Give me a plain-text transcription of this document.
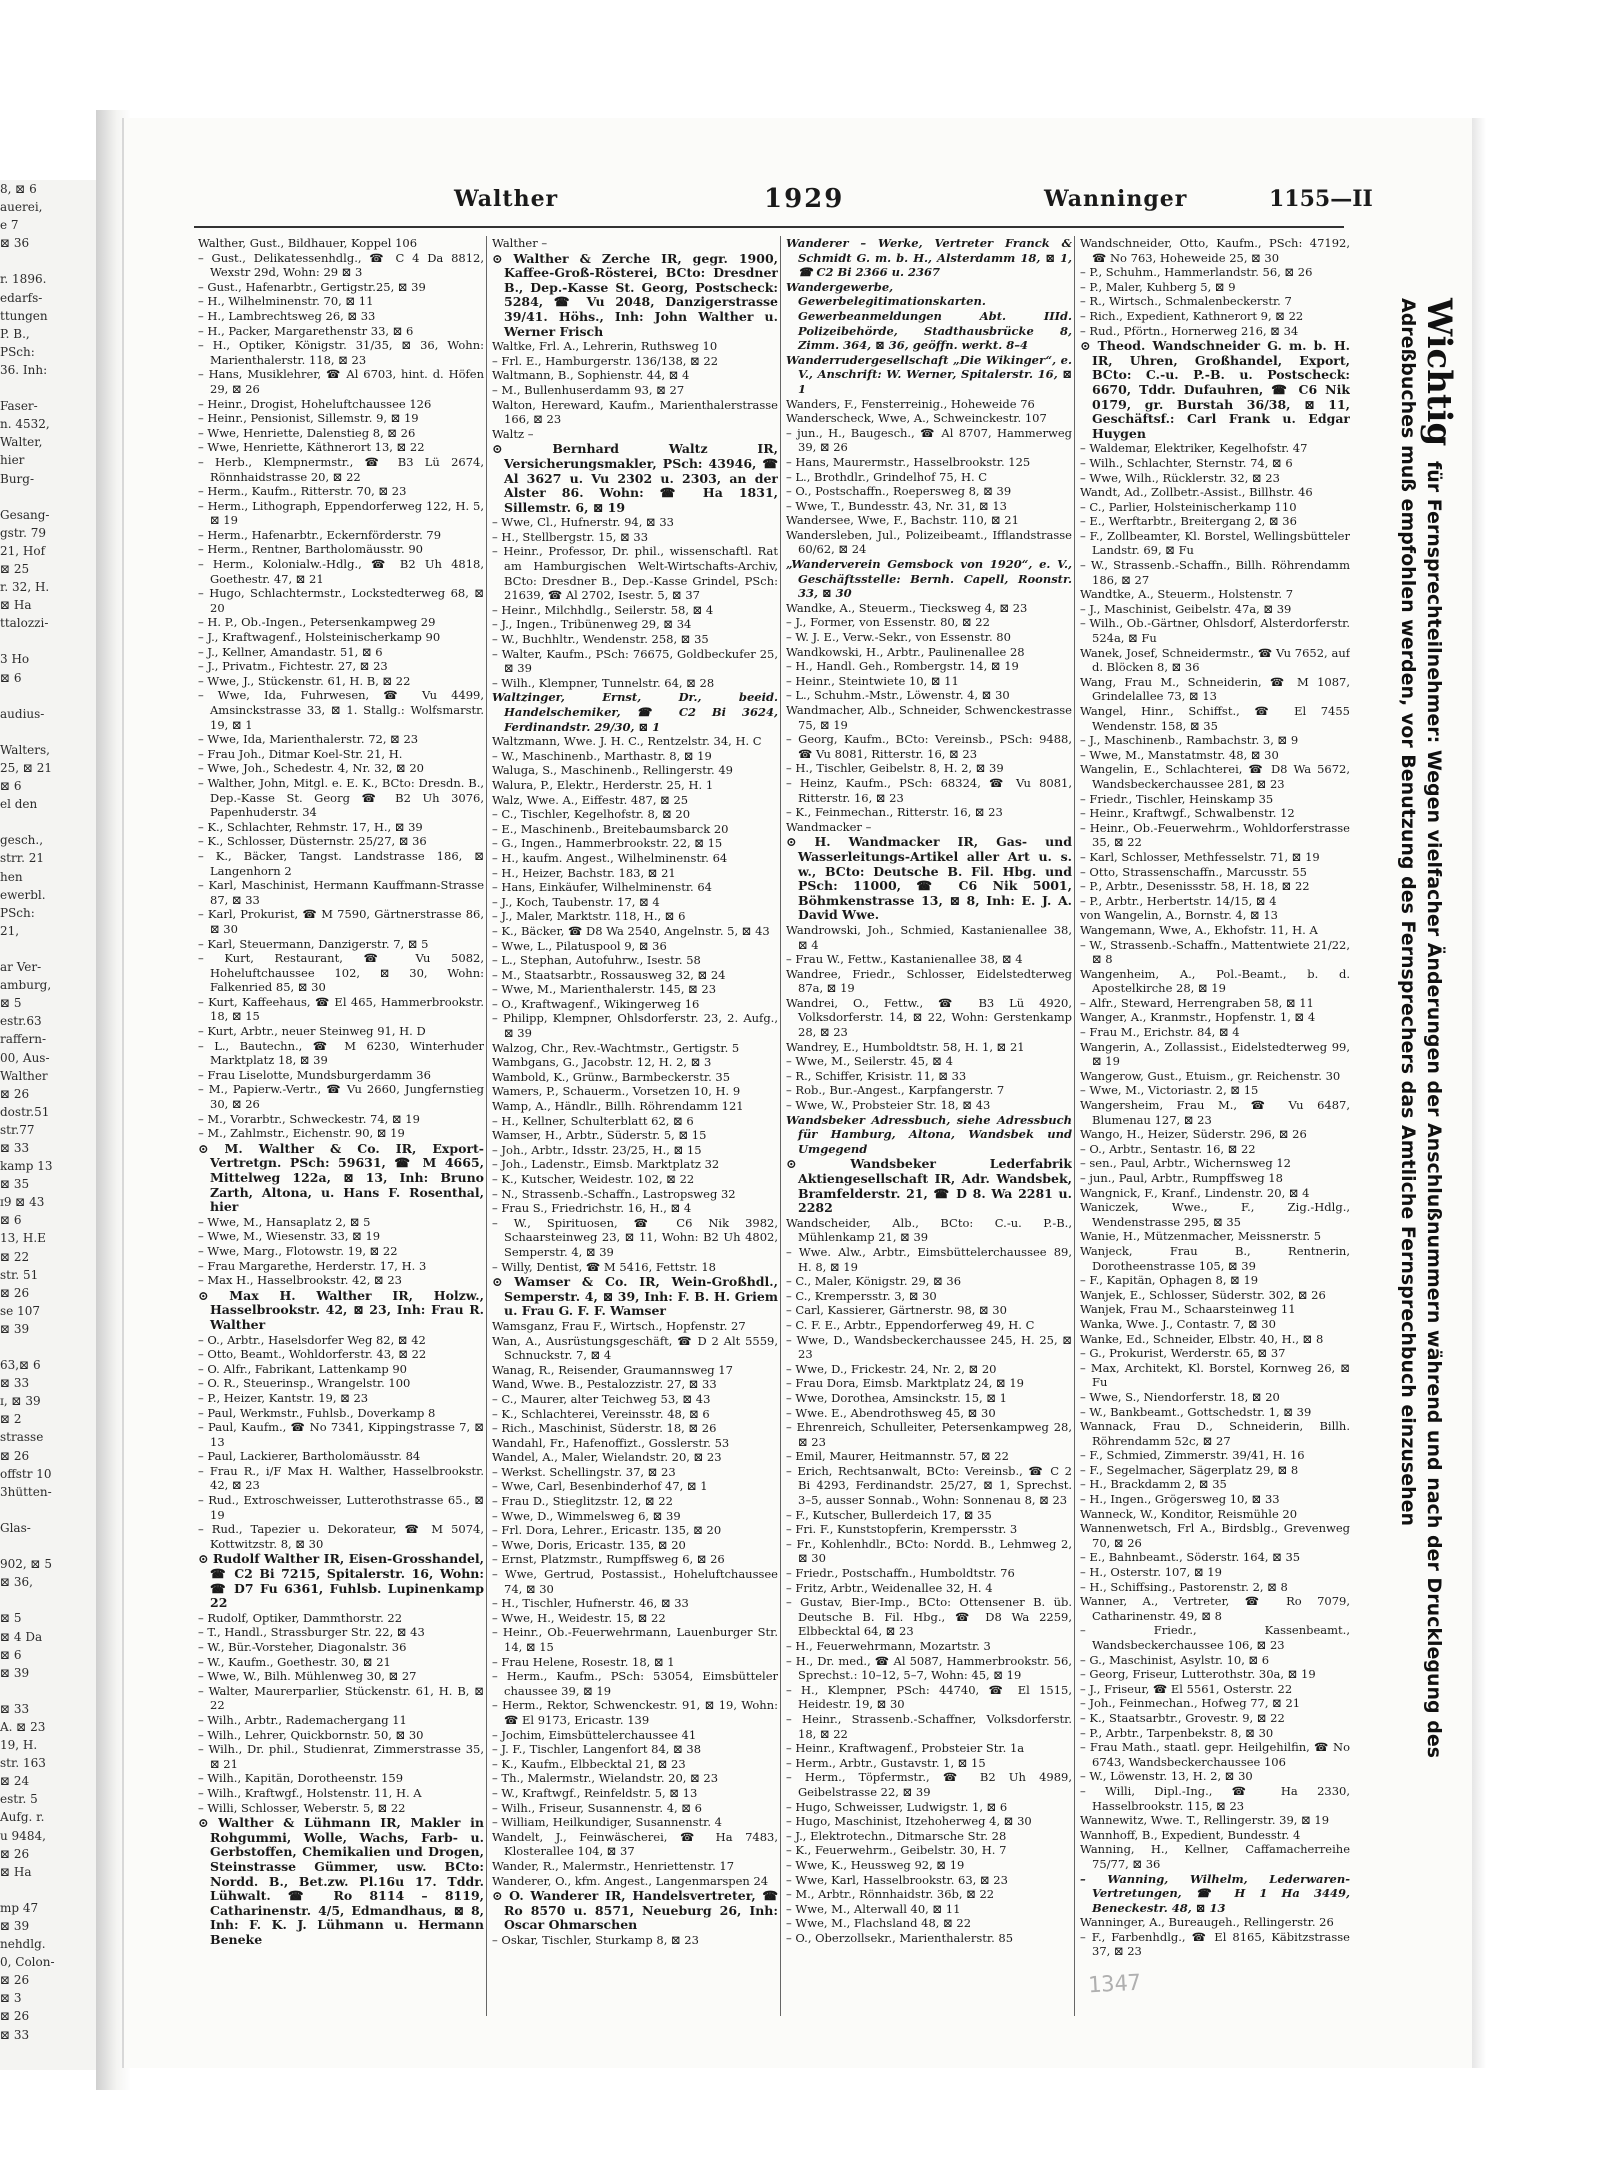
8, ⊠ 6
auerei,
e 7
⊠ 36

r. 1896.
edarfs-
ttungen
P. B.,
PSch:
36. Inh:

Faser-
n. 4532,
Walter,
hier
Burg-

Gesang-
gstr. 79
21, Hof
⊠ 25
r. 32, H.
⊠ Ha
ttalozzi-

3 Ho
⊠ 6

audius-

Walters,
25, ⊠ 21
⊠ 6
el den

gesch.,
strr. 21
hen
ewerbl.
PSch:
21,

ar Ver-
amburg,
⊠ 5
estr.63
raffern-
00, Aus-
Walther
⊠ 26
dostr.51
str.77
⊠ 33
kamp 13
⊠ 35
ɪ9 ⊠ 43
⊠ 6
13, H.E
⊠ 22
str. 51
⊠ 26
se 107
⊠ 39

63,⊠ 6
⊠ 33
ɪ, ⊠ 39
⊠ 2
strasse
⊠ 26
offstr 10
3hütten-

Glas-

902, ⊠ 5
⊠ 36,

⊠ 5
⊠ 4 Da
⊠ 6
⊠ 39

⊠ 33
A. ⊠ 23
19, H.
str. 163
⊠ 24
estr. 5
Aufg. r.
u 9484,
⊠ 26
⊠ Ha

mp 47
⊠ 39
nehdlg.
0, Colon-
⊠ 26
⊠ 3
⊠ 26
⊠ 33
Walther	1929	Wanninger	1155—II
Walther, Gust., Bildhauer, Koppel 106
– Gust., Delikatessenhdlg., ☎ C 4 Da 8812, Wexstr 29d, Wohn: 29 ⊠ 3
– Gust., Hafenarbtr., Gertigstr.25, ⊠ 39
– H., Wilhelminenstr. 70, ⊠ 11
– H., Lambrechtsweg 26, ⊠ 33
– H., Packer, Margarethenstr 33, ⊠ 6
– H., Optiker, Königstr. 31/35, ⊠ 36, Wohn: Marienthalerstr. 118, ⊠ 23
– Hans, Musiklehrer, ☎ Al 6703, hint. d. Höfen 29, ⊠ 26
– Heinr., Drogist, Hoheluftchaussee 126
– Heinr., Pensionist, Sillemstr. 9, ⊠ 19
– Wwe, Henriette, Dalenstieg 8, ⊠ 26
– Wwe, Henriette, Käthnerort 13, ⊠ 22
– Herb., Klempnermstr., ☎ B3 Lü 2674, Rönnhaidstrasse 20, ⊠ 22
– Herm., Kaufm., Ritterstr. 70, ⊠ 23
– Herm., Lithograph, Eppendorferweg 122, H. 5, ⊠ 19
– Herm., Hafenarbtr., Eckernförderstr. 79
– Herm., Rentner, Bartholomäusstr. 90
– Herm., Kolonialw.-Hdlg., ☎ B2 Uh 4818, Goethestr. 47, ⊠ 21
– Hugo, Schlachtermstr., Lockstedterweg 68, ⊠ 20
– H. P., Ob.-Ingen., Petersenkampweg 29
– J., Kraftwagenf., Holsteinischerkamp 90
– J., Kellner, Amandastr. 51, ⊠ 6
– J., Privatm., Fichtestr. 27, ⊠ 23
– Wwe, J., Stückenstr. 61, H. B, ⊠ 22
– Wwe, Ida, Fuhrwesen, ☎ Vu 4499, Amsinckstrasse 33, ⊠ 1. Stallg.: Wolfsmarstr. 19, ⊠ 1
– Wwe, Ida, Marienthalerstr. 72, ⊠ 23
– Frau Joh., Ditmar Koel-Str. 21, H.
– Wwe, Joh., Schedestr. 4, Nr. 32, ⊠ 20
– Walther, John, Mitgl. e. E. K., BCto: Dresdn. B., Dep.-Kasse St. Georg ☎ B2 Uh 3076, Papenhuderstr. 34
– K., Schlachter, Rehmstr. 17, H., ⊠ 39
– K., Schlosser, Düsternstr. 25/27, ⊠ 36
– K., Bäcker, Tangst. Landstrasse 186, ⊠ Langenhorn 2
– Karl, Maschinist, Hermann Kauffmann-Strasse 87, ⊠ 33
– Karl, Prokurist, ☎ M 7590, Gärtnerstrasse 86, ⊠ 30
– Karl, Steuermann, Danzigerstr. 7, ⊠ 5
– Kurt, Restaurant, ☎ Vu 5082, Hoheluftchaussee 102, ⊠ 30, Wohn: Falkenried 85, ⊠ 30
– Kurt, Kaffeehaus, ☎ El 465, Hammerbrookstr. 18, ⊠ 15
– Kurt, Arbtr., neuer Steinweg 91, H. D
– L., Bautechn., ☎ M 6230, Winterhuder Marktplatz 18, ⊠ 39
– Frau Liselotte, Mundsburgerdamm 36
– M., Papierw.-Vertr., ☎ Vu 2660, Jungfernstieg 30, ⊠ 26
– M., Vorarbtr., Schweckestr. 74, ⊠ 19
– M., Zahlmstr., Eichenstr. 90, ⊠ 19
⊙ M. Walther & Co. IR, Export-Vertretgn. PSch: 59631, ☎ M 4665, Mittelweg 122a, ⊠ 13, Inh: Bruno Zarth, Altona, u. Hans F. Rosenthal, hier
– Wwe, M., Hansaplatz 2, ⊠ 5
– Wwe, M., Wiesenstr. 33, ⊠ 19
– Wwe, Marg., Flotowstr. 19, ⊠ 22
– Frau Margarethe, Herderstr. 17, H. 3
– Max H., Hasselbrookstr. 42, ⊠ 23
⊙ Max H. Walther IR, Holzw., Hasselbrookstr. 42, ⊠ 23, Inh: Frau R. Walther
– O., Arbtr., Haselsdorfer Weg 82, ⊠ 42
– Otto, Beamt., Wohldorferstr. 43, ⊠ 22
– O. Alfr., Fabrikant, Lattenkamp 90
– O. R., Steuerinsp., Wrangelstr. 100
– P., Heizer, Kantstr. 19, ⊠ 23
– Paul, Werkmstr., Fuhlsb., Doverkamp 8
– Paul, Kaufm., ☎ No 7341, Kippingstrasse 7, ⊠ 13
– Paul, Lackierer, Bartholomäusstr. 84
– Frau R., i/F Max H. Walther, Hasselbrookstr. 42, ⊠ 23
– Rud., Extroschweisser, Lutterothstrasse 65., ⊠ 19
– Rud., Tapezier u. Dekorateur, ☎ M 5074, Kottwitzstr. 8, ⊠ 30
⊙ Rudolf Walther IR, Eisen-Grosshandel, ☎ C2 Bi 7215, Spitalerstr. 16, Wohn: ☎ D7 Fu 6361, Fuhlsb. Lupinenkamp 22
– Rudolf, Optiker, Dammthorstr. 22
– T., Handl., Strassburger Str. 22, ⊠ 43
– W., Bür.-Vorsteher, Diagonalstr. 36
– W., Kaufm., Goethestr. 30, ⊠ 21
– Wwe, W., Bilh. Mühlenweg 30, ⊠ 27
– Walter, Maurerparlier, Stückenstr. 61, H. B, ⊠ 22
– Wilh., Arbtr., Rademachergang 11
– Wilh., Lehrer, Quickbornstr. 50, ⊠ 30
– Wilh., Dr. phil., Studienrat, Zimmerstrasse 35, ⊠ 21
– Wilh., Kapitän, Dorotheenstr. 159
– Wilh., Kraftwgf., Holstenstr. 11, H. A
– Willi, Schlosser, Weberstr. 5, ⊠ 22
⊙ Walther & Lühmann IR, Makler in Rohgummi, Wolle, Wachs, Farb- u. Gerbstoffen, Chemikalien und Drogen, Steinstrasse Gümmer, usw. BCto: Nordd. B., Bet.zw. Pl.16u 17. Tddr. Lühwalt. ☎ Ro 8114 – 8119, Catharinenstr. 4/5, Edmandhaus, ⊠ 8, Inh: F. K. J. Lühmann u. Hermann Beneke
Walther –
⊙ Walther & Zerche IR, gegr. 1900, Kaffee-Groß-Rösterei, BCto: Dresdner B., Dep.-Kasse St. Georg, Postscheck: 5284, ☎ Vu 2048, Danzigerstrasse 39/41. Höhs., Inh: John Walther u. Werner Frisch
Waltke, Frl. A., Lehrerin, Ruthsweg 10
– Frl. E., Hamburgerstr. 136/138, ⊠ 22
Waltmann, B., Sophienstr. 44, ⊠ 4
– M., Bullenhuserdamm 93, ⊠ 27
Walton, Hereward, Kaufm., Marienthalerstrasse 166, ⊠ 23
Waltz –
⊙ Bernhard Waltz IR, Versicherungsmakler, PSch: 43946, ☎ Al 3627 u. Vu 2302 u. 2303, an der Alster 86. Wohn: ☎ Ha 1831, Sillemstr. 6, ⊠ 19
– Wwe, Cl., Hufnerstr. 94, ⊠ 33
– H., Stellbergstr. 15, ⊠ 33
– Heinr., Professor, Dr. phil., wissenschaftl. Rat am Hamburgischen Welt-Wirtschafts-Archiv, BCto: Dresdner B., Dep.-Kasse Grindel, PSch: 21639, ☎ Al 2702, Isestr. 5, ⊠ 37
– Heinr., Milchhdlg., Seilerstr. 58, ⊠ 4
– J., Ingen., Tribünenweg 29, ⊠ 34
– W., Buchhltr., Wendenstr. 258, ⊠ 35
– Walter, Kaufm., PSch: 76675, Goldbeckufer 25, ⊠ 39
– Wilh., Klempner, Tunnelstr. 64, ⊠ 28
Waltzinger, Ernst, Dr., beeid. Handelschemiker, ☎ C2 Bi 3624, Ferdinandstr. 29/30, ⊠ 1
Waltzmann, Wwe. J. H. C., Rentzelstr. 34, H. C
– W., Maschinenb., Marthastr. 8, ⊠ 19
Waluga, S., Maschinenb., Rellingerstr. 49
Walura, P., Elektr., Herderstr. 25, H. 1
Walz, Wwe. A., Eiffestr. 487, ⊠ 25
– C., Tischler, Kegelhofstr. 8, ⊠ 20
– E., Maschinenb., Breitebaumsbarck 20
– G., Ingen., Hammerbrookstr. 22, ⊠ 15
– H., kaufm. Angest., Wilhelminenstr. 64
– H., Heizer, Bachstr. 183, ⊠ 21
– Hans, Einkäufer, Wilhelminenstr. 64
– J., Koch, Taubenstr. 17, ⊠ 4
– J., Maler, Marktstr. 118, H., ⊠ 6
– K., Bäcker, ☎ D8 Wa 2540, Angelnstr. 5, ⊠ 43
– Wwe, L., Pilatuspool 9, ⊠ 36
– L., Stephan, Autofuhrw., Isestr. 58
– M., Staatsarbtr., Rossausweg 32, ⊠ 24
– Wwe, M., Marienthalerstr. 145, ⊠ 23
– O., Kraftwagenf., Wikingerweg 16
– Philipp, Klempner, Ohlsdorferstr. 23, 2. Aufg., ⊠ 39
Walzog, Chr., Rev.-Wachtmstr., Gertigstr. 5
Wambgans, G., Jacobstr. 12, H. 2, ⊠ 3
Wambold, K., Grünw., Barmbeckerstr. 35
Wamers, P., Schauerm., Vorsetzen 10, H. 9
Wamp, A., Händlr., Billh. Röhrendamm 121
– H., Kellner, Schulterblatt 62, ⊠ 6
Wamser, H., Arbtr., Süderstr. 5, ⊠ 15
– Joh., Arbtr., Idsstr. 23/25, H., ⊠ 15
– Joh., Ladenstr., Eimsb. Marktplatz 32
– K., Kutscher, Weidestr. 102, ⊠ 22
– N., Strassenb.-Schaffn., Lastropsweg 32
– Frau S., Friedrichstr. 16, H., ⊠ 4
– W., Spirituosen, ☎ C6 Nik 3982, Schaarsteinweg 23, ⊠ 11, Wohn: B2 Uh 4802, Semperstr. 4, ⊠ 39
– Willy, Dentist, ☎ M 5416, Fettstr. 18
⊙ Wamser & Co. IR, Wein-Großhdl., Semperstr. 4, ⊠ 39, Inh: F. B. H. Griem u. Frau G. F. F. Wamser
Wamsganz, Frau F., Wirtsch., Hopfenstr. 27
Wan, A., Ausrüstungsgeschäft, ☎ D 2 Alt 5559, Schnuckstr. 7, ⊠ 4
Wanag, R., Reisender, Graumannsweg 17
Wand, Wwe. B., Pestalozzistr. 27, ⊠ 33
– C., Maurer, alter Teichweg 53, ⊠ 43
– K., Schlachterei, Vereinsstr. 48, ⊠ 6
– Rich., Maschinist, Süderstr. 18, ⊠ 26
Wandahl, Fr., Hafenoffizt., Gosslerstr. 53
Wandel, A., Maler, Wielandstr. 20, ⊠ 23
– Werkst. Schellingstr. 37, ⊠ 23
– Wwe, Carl, Besenbinderhof 47, ⊠ 1
– Frau D., Stieglitzstr. 12, ⊠ 22
– Wwe, D., Wimmelsweg 6, ⊠ 39
– Frl. Dora, Lehrer., Ericastr. 135, ⊠ 20
– Wwe, Doris, Ericastr. 135, ⊠ 20
– Ernst, Platzmstr., Rumpffsweg 6, ⊠ 26
– Wwe, Gertrud, Postassist., Hoheluftchaussee 74, ⊠ 30
– H., Tischler, Hufnerstr. 46, ⊠ 33
– Wwe, H., Weidestr. 15, ⊠ 22
– Heinr., Ob.-Feuerwehrmann, Lauenburger Str. 14, ⊠ 15
– Frau Helene, Rosestr. 18, ⊠ 1
– Herm., Kaufm., PSch: 53054, Eimsbütteler chaussee 39, ⊠ 19
– Herm., Rektor, Schwenckestr. 91, ⊠ 19, Wohn: ☎ El 9173, Ericastr. 139
– Jochim, Eimsbüttelerchaussee 41
– J. F., Tischler, Langenfort 84, ⊠ 38
– K., Kaufm., Elbbecktal 21, ⊠ 23
– Th., Malermstr., Wielandstr. 20, ⊠ 23
– W., Kraftwgf., Reinfeldstr. 5, ⊠ 13
– Wilh., Friseur, Susannenstr. 4, ⊠ 6
– William, Heilkundiger, Susannenstr. 4
Wandelt, J., Feinwäscherei, ☎ Ha 7483, Klosterallee 104, ⊠ 37
Wander, R., Malermstr., Henriettenstr. 17
Wanderer, O., kfm. Angest., Langenmarspen 24
⊙ O. Wanderer IR, Handelsvertreter, ☎ Ro 8570 u. 8571, Neueburg 26, Inh: Oscar Ohmarschen
– Oskar, Tischler, Sturkamp 8, ⊠ 23
Wanderer – Werke, Vertreter Franck & Schmidt G. m. b. H., Alsterdamm 18, ⊠ 1, ☎ C2 Bi 2366 u. 2367
Wandergewerbe, Gewerbelegitimationskarten. Gewerbeanmeldungen Abt. IIId. Polizeibehörde, Stadthausbrücke 8, Zimm. 364, ⊠ 36, geöffn. werkt. 8–4
Wanderrudergesellschaft „Die Wikinger“, e. V., Anschrift: W. Werner, Spitalerstr. 16, ⊠ 1
Wanders, F., Fensterreinig., Hoheweide 76
Wanderscheck, Wwe, A., Schweinckestr. 107
– jun., H., Baugesch., ☎ Al 8707, Hammerweg 39, ⊠ 26
– Hans, Maurermstr., Hasselbrookstr. 125
– L., Brothdlr., Grindelhof 75, H. C
– O., Postschaffn., Roepersweg 8, ⊠ 39
– Wwe, T., Bundesstr. 43, Nr. 31, ⊠ 13
Wandersee, Wwe, F., Bachstr. 110, ⊠ 21
Wandersleben, Jul., Polizeibeamt., Ifflandstrasse 60/62, ⊠ 24
„Wanderverein Gemsbock von 1920“, e. V., Geschäftsstelle: Bernh. Capell, Roonstr. 33, ⊠ 30
Wandke, A., Steuerm., Tiecksweg 4, ⊠ 23
– J., Former, von Essenstr. 80, ⊠ 22
– W. J. E., Verw.-Sekr., von Essenstr. 80
Wandkowski, H., Arbtr., Paulinenallee 28
– H., Handl. Geh., Rombergstr. 14, ⊠ 19
– Heinr., Steintwiete 10, ⊠ 11
– L., Schuhm.-Mstr., Löwenstr. 4, ⊠ 30
Wandmacher, Alb., Schneider, Schwenckestrasse 75, ⊠ 19
– Georg, Kaufm., BCto: Vereinsb., PSch: 9488, ☎ Vu 8081, Ritterstr. 16, ⊠ 23
– H., Tischler, Geibelstr. 8, H. 2, ⊠ 39
– Heinz, Kaufm., PSch: 68324, ☎ Vu 8081, Ritterstr. 16, ⊠ 23
– K., Feinmechan., Ritterstr. 16, ⊠ 23
Wandmacker –
⊙ H. Wandmacker IR, Gas- und Wasserleitungs-Artikel aller Art u. s. w., BCto: Deutsche B. Fil. Hbg. und PSch: 11000, ☎ C6 Nik 5001, Böhmkenstrasse 13, ⊠ 8, Inh: E. J. A. David Wwe.
Wandrowski, Joh., Schmied, Kastanienallee 38, ⊠ 4
– Frau W., Fettw., Kastanienallee 38, ⊠ 4
Wandree, Friedr., Schlosser, Eidelstedterweg 87a, ⊠ 19
Wandrei, O., Fettw., ☎ B3 Lü 4920, Volksdorferstr. 14, ⊠ 22, Wohn: Gerstenkamp 28, ⊠ 23
Wandrey, E., Humboldtstr. 58, H. 1, ⊠ 21
– Wwe, M., Seilerstr. 45, ⊠ 4
– R., Schiffer, Krisistr. 11, ⊠ 33
– Rob., Bur.-Angest., Karpfangerstr. 7
– Wwe, W., Probsteier Str. 18, ⊠ 43
Wandsbeker Adressbuch, siehe Adressbuch für Hamburg, Altona, Wandsbek und Umgegend
⊙ Wandsbeker Lederfabrik Aktiengesellschaft IR, Adr. Wandsbek, Bramfelderstr. 21, ☎ D 8. Wa 2281 u. 2282
Wandscheider, Alb., BCto: C.-u. P.-B., Mühlenkamp 21, ⊠ 39
– Wwe. Alw., Arbtr., Eimsbüttelerchaussee 89, H. 8, ⊠ 19
– C., Maler, Königstr. 29, ⊠ 36
– C., Krempersstr. 3, ⊠ 30
– Carl, Kassierer, Gärtnerstr. 98, ⊠ 30
– C. F. E., Arbtr., Eppendorferweg 49, H. C
– Wwe, D., Wandsbeckerchaussee 245, H. 25, ⊠ 23
– Wwe, D., Frickestr. 24, Nr. 2, ⊠ 20
– Frau Dora, Eimsb. Marktplatz 24, ⊠ 19
– Wwe, Dorothea, Amsinckstr. 15, ⊠ 1
– Wwe. E., Abendrothsweg 45, ⊠ 30
– Ehrenreich, Schulleiter, Petersenkampweg 28, ⊠ 23
– Emil, Maurer, Heitmannstr. 57, ⊠ 22
– Erich, Rechtsanwalt, BCto: Vereinsb., ☎ C 2 Bi 4293, Ferdinandstr. 25/27, ⊠ 1, Sprechst. 3–5, ausser Sonnab., Wohn: Sonnenau 8, ⊠ 23
– F., Kutscher, Bullerdeich 17, ⊠ 35
– Fri. F., Kunststopferin, Krempersstr. 3
– Fr., Kohlenhdlr., BCto: Nordd. B., Lehmweg 2, ⊠ 30
– Friedr., Postschaffn., Humboldtstr. 76
– Fritz, Arbtr., Weidenallee 32, H. 4
– Gustav, Bier-Imp., BCto: Ottensener B. üb. Deutsche B. Fil. Hbg., ☎ D8 Wa 2259, Elbbecktal 64, ⊠ 23
– H., Feuerwehrmann, Mozartstr. 3
– H., Dr. med., ☎ Al 5087, Hammerbrookstr. 56, Sprechst.: 10–12, 5–7, Wohn: 45, ⊠ 19
– H., Klempner, PSch: 44740, ☎ El 1515, Heidestr. 19, ⊠ 30
– Heinr., Strassenb.-Schaffner, Volksdorferstr. 18, ⊠ 22
– Heinr., Kraftwagenf., Probsteier Str. 1a
– Herm., Arbtr., Gustavstr. 1, ⊠ 15
– Herm., Töpfermstr., ☎ B2 Uh 4989, Geibelstrasse 22, ⊠ 39
– Hugo, Schweisser, Ludwigstr. 1, ⊠ 6
– Hugo, Maschinist, Itzehoherweg 4, ⊠ 30
– J., Elektrotechn., Ditmarsche Str. 28
– K., Feuerwehrm., Geibelstr. 30, H. 7
– Wwe, K., Heussweg 92, ⊠ 19
– Wwe, Karl, Hasselbrookstr. 63, ⊠ 23
– M., Arbtr., Rönnhaidstr. 36b, ⊠ 22
– Wwe, M., Alterwall 40, ⊠ 11
– Wwe, M., Flachsland 48, ⊠ 22
– O., Oberzollsekr., Marienthalerstr. 85
Wandschneider, Otto, Kaufm., PSch: 47192, ☎ No 763, Hoheweide 25, ⊠ 30
– P., Schuhm., Hammerlandstr. 56, ⊠ 26
– P., Maler, Kuhberg 5, ⊠ 9
– R., Wirtsch., Schmalenbeckerstr. 7
– Rich., Expedient, Kathnerort 9, ⊠ 22
– Rud., Pförtn., Hornerweg 216, ⊠ 34
⊙ Theod. Wandschneider G. m. b. H. IR, Uhren, Großhandel, Export, BCto: C.-u. P.-B. u. Postscheck: 6670, Tddr. Dufauhren, ☎ C6 Nik 0179, gr. Burstah 36/38, ⊠ 11, Geschäftsf.: Carl Frank u. Edgar Huygen
– Waldemar, Elektriker, Kegelhofstr. 47
– Wilh., Schlachter, Sternstr. 74, ⊠ 6
– Wwe, Wilh., Rücklerstr. 32, ⊠ 23
Wandt, Ad., Zollbetr.-Assist., Billhstr. 46
– C., Parlier, Holsteinischerkamp 110
– E., Werftarbtr., Breitergang 2, ⊠ 36
– F., Zollbeamter, Kl. Borstel, Wellingsbütteler Landstr. 69, ⊠ Fu
– W., Strassenb.-Schaffn., Billh. Röhrendamm 186, ⊠ 27
Wandtke, A., Steuerm., Holstenstr. 7
– J., Maschinist, Geibelstr. 47a, ⊠ 39
– Wilh., Ob.-Gärtner, Ohlsdorf, Alsterdorferstr. 524a, ⊠ Fu
Wanek, Josef, Schneidermstr., ☎ Vu 7652, auf d. Blöcken 8, ⊠ 36
Wang, Frau M., Schneiderin, ☎ M 1087, Grindelallee 73, ⊠ 13
Wangel, Hinr., Schiffst., ☎ El 7455 Wendenstr. 158, ⊠ 35
– J., Maschinenb., Rambachstr. 3, ⊠ 9
– Wwe, M., Manstatmstr. 48, ⊠ 30
Wangelin, E., Schlachterei, ☎ D8 Wa 5672, Wandsbeckerchaussee 281, ⊠ 23
– Friedr., Tischler, Heinskamp 35
– Heinr., Kraftwgf., Schwalbenstr. 12
– Heinr., Ob.-Feuerwehrm., Wohldorferstrasse 35, ⊠ 22
– Karl, Schlosser, Methfesselstr. 71, ⊠ 19
– Otto, Strassenschaffn., Marcusstr. 55
– P., Arbtr., Desenissstr. 58, H. 18, ⊠ 22
– P., Arbtr., Herbertstr. 14/15, ⊠ 4
von Wangelin, A., Bornstr. 4, ⊠ 13
Wangemann, Wwe, A., Ekhofstr. 11, H. A
– W., Strassenb.-Schaffn., Mattentwiete 21/22, ⊠ 8
Wangenheim, A., Pol.-Beamt., b. d. Apostelkirche 28, ⊠ 19
– Alfr., Steward, Herrengraben 58, ⊠ 11
Wanger, A., Kranmstr., Hopfenstr. 1, ⊠ 4
– Frau M., Erichstr. 84, ⊠ 4
Wangerin, A., Zollassist., Eidelstedterweg 99, ⊠ 19
Wangerow, Gust., Etuism., gr. Reichenstr. 30
– Wwe, M., Victoriastr. 2, ⊠ 15
Wangersheim, Frau M., ☎ Vu 6487, Blumenau 127, ⊠ 23
Wango, H., Heizer, Süderstr. 296, ⊠ 26
– O., Arbtr., Sentastr. 16, ⊠ 22
– sen., Paul, Arbtr., Wichernsweg 12
– jun., Paul, Arbtr., Rumpffsweg 18
Wangnick, F., Kranf., Lindenstr. 20, ⊠ 4
Waniczek, Wwe., F., Zig.-Hdlg., Wendenstrasse 295, ⊠ 35
Wanie, H., Mützenmacher, Meissnerstr. 5
Wanjeck, Frau B., Rentnerin, Dorotheenstrasse 105, ⊠ 39
– F., Kapitän, Ophagen 8, ⊠ 19
Wanjek, E., Schlosser, Süderstr. 302, ⊠ 26
Wanjek, Frau M., Schaarsteinweg 11
Wanka, Wwe. J., Contastr. 7, ⊠ 30
Wanke, Ed., Schneider, Elbstr. 40, H., ⊠ 8
– G., Prokurist, Werderstr. 65, ⊠ 37
– Max, Architekt, Kl. Borstel, Kornweg 26, ⊠ Fu
– Wwe, S., Niendorferstr. 18, ⊠ 20
– W., Bankbeamt., Gottschedstr. 1, ⊠ 39
Wannack, Frau D., Schneiderin, Billh. Röhrendamm 52c, ⊠ 27
– F., Schmied, Zimmerstr. 39/41, H. 16
– F., Segelmacher, Sägerplatz 29, ⊠ 8
– H., Brackdamm 2, ⊠ 35
– H., Ingen., Grögersweg 10, ⊠ 33
Wanneck, W., Konditor, Reismühle 20
Wannenwetsch, Frl A., Birdsblg., Grevenweg 70, ⊠ 26
– E., Bahnbeamt., Söderstr. 164, ⊠ 35
– H., Osterstr. 107, ⊠ 19
– H., Schiffsing., Pastorenstr. 2, ⊠ 8
Wanner, A., Vertreter, ☎ Ro 7079, Catharinenstr. 49, ⊠ 8
– Friedr., Kassenbeamt., Wandsbeckerchaussee 106, ⊠ 23
– G., Maschinist, Asylstr. 10, ⊠ 6
– Georg, Friseur, Lutterothstr. 30a, ⊠ 19
– J., Friseur, ☎ El 5561, Osterstr. 22
– Joh., Feinmechan., Hofweg 77, ⊠ 21
– K., Staatsarbtr., Grovestr. 9, ⊠ 22
– P., Arbtr., Tarpenbekstr. 8, ⊠ 30
– Frau Math., staatl. gepr. Heilgehilfin, ☎ No 6743, Wandsbeckerchaussee 106
– W., Löwenstr. 13, H. 2, ⊠ 30
– Willi, Dipl.-Ing., ☎ Ha 2330, Hasselbrookstr. 115, ⊠ 23
Wannewitz, Wwe. T., Rellingerstr. 39, ⊠ 19
Wannhoff, B., Expedient, Bundesstr. 4
Wanning, H., Kellner, Caffamacherreihe 75/77, ⊠ 36
– Wanning, Wilhelm, Lederwaren-Vertretungen, ☎ H 1 Ha 3449, Beneckestr. 48, ⊠ 13
Wanninger, A., Bureaugeh., Rellingerstr. 26
– F., Farbenhdlg., ☎ El 8165, Käbitzstrasse 37, ⊠ 23
Wichtig für Fernsprechteilnehmer: Wegen vielfacher Änderungen der Anschlußnummern während und nach der Drucklegung des Adreßbuches muß empfohlen werden, vor Benutzung des Fernsprechers das Amtliche Fernsprechbuch einzusehen
1347
